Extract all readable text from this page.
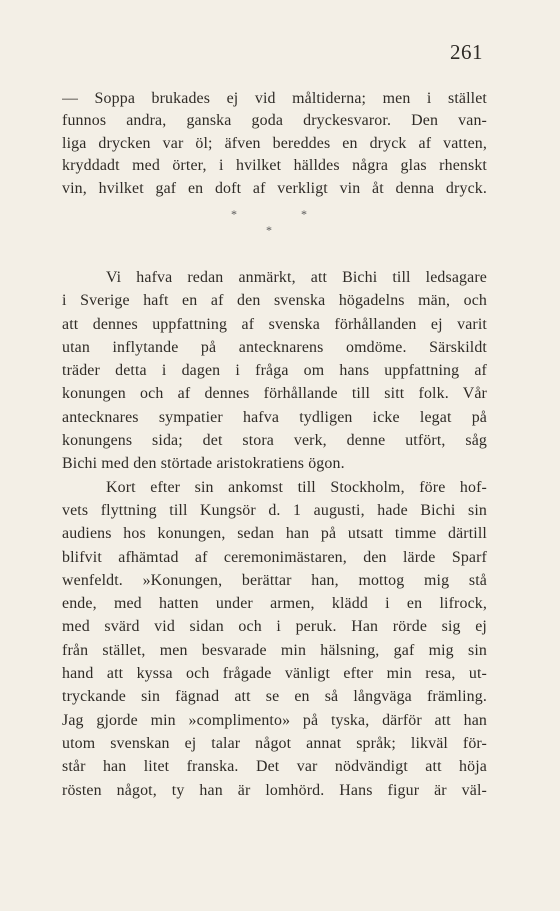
261
— Soppa brukades ej vid måltiderna; men i stället
funnos andra, ganska goda dryckesvaror. Den van-
liga drycken var öl; äfven bereddes en dryck af vatten,
kryddadt med örter, i hvilket hälldes några glas rhenskt
vin, hvilket gaf en doft af verkligt vin åt denna dryck.
*	*
*
Vi hafva redan anmärkt, att Bichi till ledsagare
i Sverige haft en af den svenska högadelns män, och
att dennes uppfattning af svenska förhållanden ej varit
utan inflytande på antecknarens omdöme. Särskildt
träder detta i dagen i fråga om hans uppfattning af
konungen och af dennes förhållande till sitt folk. Vår
antecknares sympatier hafva tydligen icke legat på
konungens sida; det stora verk, denne utfört, såg
Bichi med den störtade aristokratiens ögon.
Kort efter sin ankomst till Stockholm, före hof-
vets flyttning till Kungsör d. 1 augusti, hade Bichi sin
audiens hos konungen, sedan han på utsatt timme därtill
blifvit afhämtad af ceremonimästaren, den lärde Sparf
wenfeldt. »Konungen, berättar han, mottog mig stå
ende, med hatten under armen, klädd i en lifrock,
med svärd vid sidan och i peruk. Han rörde sig ej
från stället, men besvarade min hälsning, gaf mig sin
hand att kyssa och frågade vänligt efter min resa, ut-
tryckande sin fägnad att se en så långväga främling.
Jag gjorde min »complimento» på tyska, därför att han
utom svenskan ej talar något annat språk; likväl för-
står han litet franska. Det var nödvändigt att höja
rösten något, ty han är lomhörd. Hans figur är väl-
